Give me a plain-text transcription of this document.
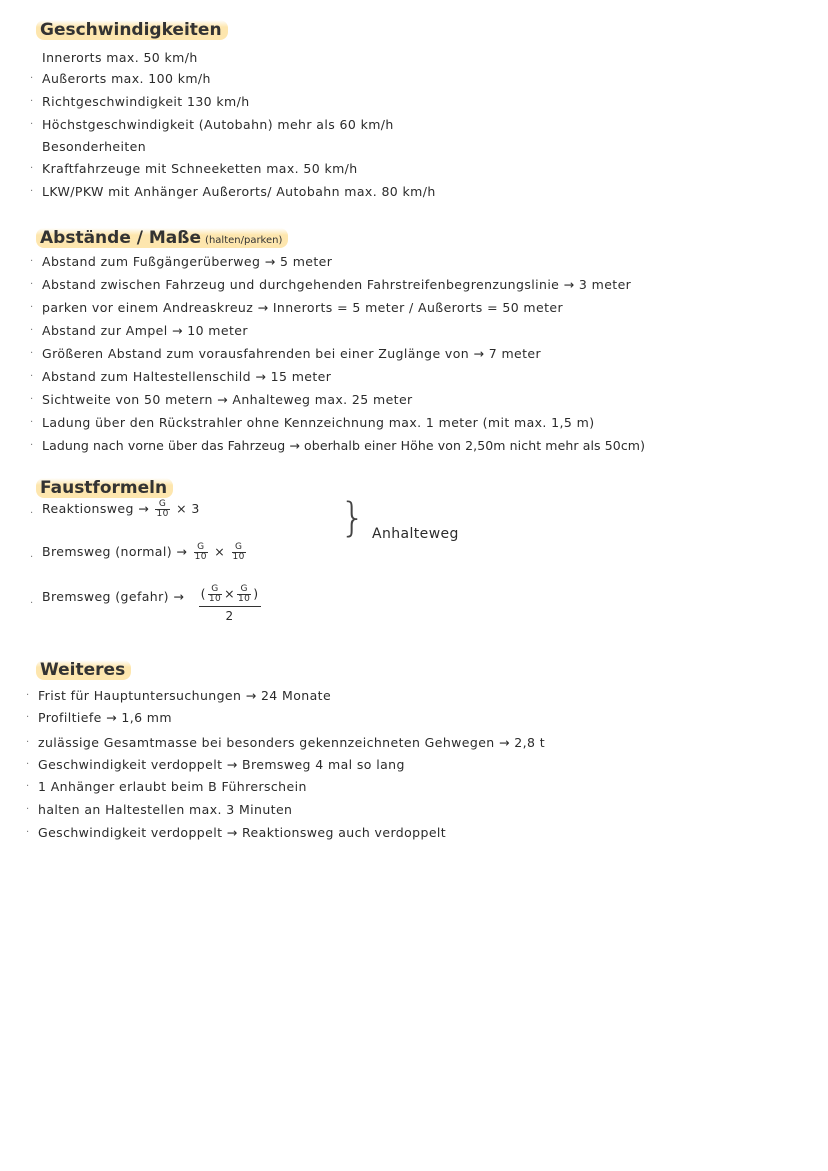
Geschwindigkeiten
Innerorts max. 50 km/h
· Außerorts max. 100 km/h
· Richtgeschwindigkeit 130 km/h
· Höchstgeschwindigkeit (Autobahn) mehr als 60 km/h
Besonderheiten
· Kraftfahrzeuge mit Schneeketten max. 50 km/h
· LKW/PKW mit Anhänger Außerorts/ Autobahn max. 80 km/h
Abstände / Maße (halten/parken)
· Abstand zum Fußgängerüberweg → 5 meter
· Abstand zwischen Fahrzeug und durchgehenden Fahrstreifenbegrenzungslinie → 3 meter
· parken vor einem Andreaskreuz → Innerorts = 5 meter / Außerorts = 50 meter
· Abstand zur Ampel → 10 meter
· Größeren Abstand zum vorausfahrenden bei einer Zuglänge von → 7 meter
· Abstand zum Haltestellenschild → 15 meter
· Sichtweite von 50 metern → Anhalteweg max. 25 meter
· Ladung über den Rückstrahler ohne Kennzeichnung max. 1 meter (mit max. 1,5 m)
· Ladung nach vorne über das Fahrzeug → oberhalb einer Höhe von 2,50m nicht mehr als 50cm)
Faustformeln
· Reaktionsweg → $\frac{G}{10} \times 3$
· Bremsweg (normal) → $\frac{G}{10} \times \frac{G}{10}$
} Anhalteweg
· Bremsweg (gefahr) → $\frac{( \frac{G}{10} \times \frac{G}{10} )}{2}$
Weiteres
· Frist für Hauptuntersuchungen → 24 Monate
· Profiltiefe → 1,6 mm
· zulässige Gesamtmasse bei besonders gekennzeichneten Gehwegen → 2,8 t
· Geschwindigkeit verdoppelt → Bremsweg 4 mal so lang
· 1 Anhänger erlaubt beim B Führerschein
· halten an Haltestellen max. 3 Minuten
· Geschwindigkeit verdoppelt → Reaktionsweg auch verdoppelt
